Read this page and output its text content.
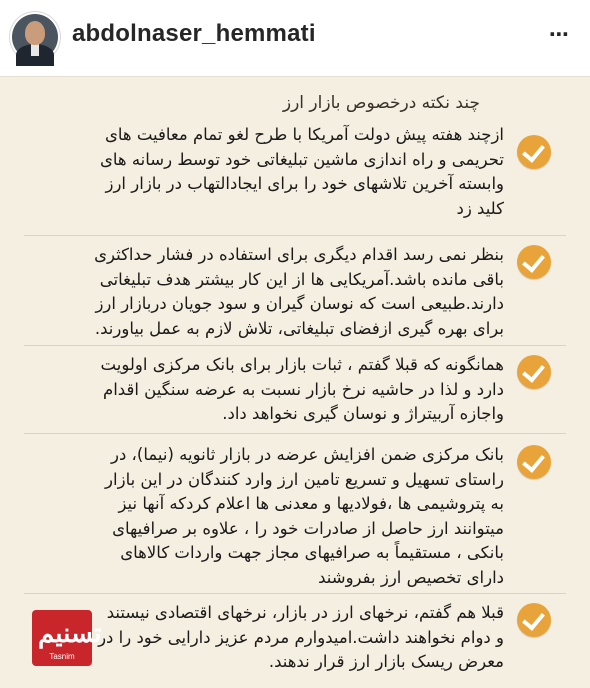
abdolnaser_hemmati	⋯
چند نکته درخصوص بازار ارز

ازچند هفته پیش دولت آمریکا با طرح لغو تمام معافیت های
تحریمی و راه اندازی ماشین تبلیغاتی خود توسط رسانه های
وابسته آخرین تلاشهای خود را برای ایجادالتهاب در بازار ارز
کلید زد

بنظر نمی رسد اقدام دیگری برای استفاده در فشار حداکثری
باقی مانده باشد.آمریکایی ها از این کار بیشتر هدف تبلیغاتی
دارند.طبیعی است که نوسان گیران و سود جویان دربازار ارز
برای بهره گیری ازفضای تبلیغاتی، تلاش لازم به عمل بیاورند.

همانگونه که قبلا گفتم ، ثبات بازار برای بانک مرکزی اولویت
دارد و لذا در حاشیه نرخ بازار نسبت به عرضه سنگین اقدام
واجازه آربیتراژ و نوسان گیری نخواهد داد.

بانک مرکزی ضمن افزایش عرضه در بازار ثانویه (نیما)، در
راستای تسهیل و تسریع تامین ارز وارد کنندگان در این بازار
به پتروشیمی ها ،فولادیها و معدنی ها اعلام کردکه آنها نیز
میتوانند ارز حاصل از صادرات خود را ، علاوه بر صرافیهای
بانکی ، مستقیماً به صرافیهای مجاز جهت واردات کالاهای
دارای تخصیص ارز بفروشند

قبلا هم گفتم، نرخهای ارز در بازار، نرخهای اقتصادی نیستند
و دوام نخواهند داشت.امیدوارم مردم عزیز دارایی خود را در
معرض ریسک بازار ارز قرار ندهند.

تسنیم
Tasnim
